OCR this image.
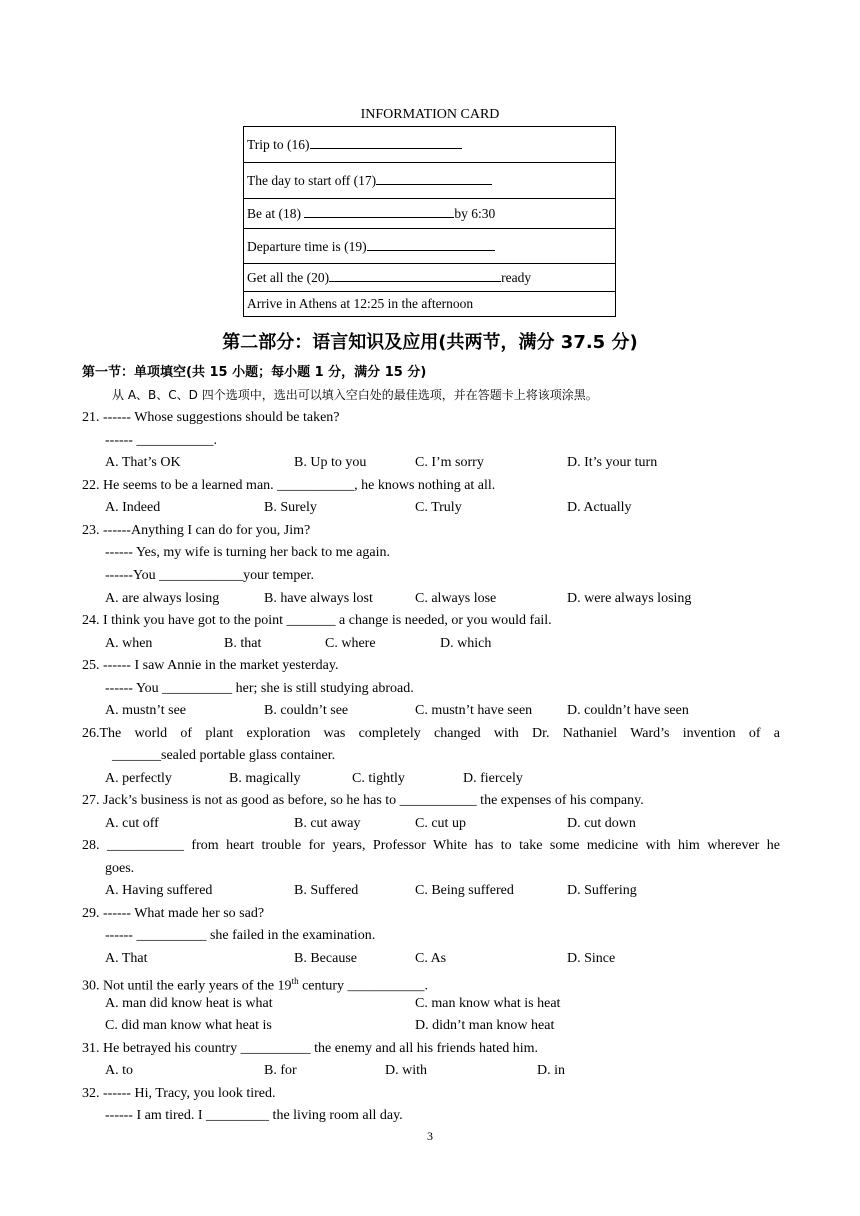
INFORMATION CARD
Trip to (16)
The day to start off (17)
Be at (18)	by 6:30
Departure time is (19)
Get all the (20)	ready
Arrive in Athens at 12:25 in the afternoon
第二部分：语言知识及应用(共两节，满分 37.5 分)
第一节：单项填空(共 15 小题；每小题 1 分，满分 15 分)
从 A、B、C、D 四个选项中，选出可以填入空白处的最佳选项，并在答题卡上将该项涂黑。
21. ------ Whose suggestions should be taken?
------ ___________.
A. That’s OK	B. Up to you	C. I’m sorry	D. It’s your turn
22. He seems to be a learned man. ___________, he knows nothing at all.
A. Indeed	B. Surely	C. Truly	D. Actually
23. ------Anything I can do for you, Jim?
------ Yes, my wife is turning her back to me again.
------You ____________your temper.
A. are always losing	B. have always lost	C. always lose	D. were always losing
24. I think you have got to the point _______ a change is needed, or you would fail.
A. when	B. that	C. where	D. which
25. ------ I saw Annie in the market yesterday.
------ You __________ her; she is still studying abroad.
A. mustn’t see	B. couldn’t see	C. mustn’t have seen D. couldn’t have seen
26.The world of plant exploration was completely changed with Dr. Nathaniel Ward’s invention of a
_______sealed portable glass container.
A. perfectly	B. magically	C. tightly	D. fiercely
27. Jack’s business is not as good as before, so he has to ___________ the expenses of his company.
A. cut off	B. cut away	C. cut up	D. cut down
28. ___________ from heart trouble for years, Professor White has to take some medicine with him wherever he
goes.
A. Having suffered	B. Suffered	C. Being suffered	D. Suffering
29. ------ What made her so sad?
------ __________ she failed in the examination.
A. That	B. Because	C. As	D. Since
30. Not until the early years of the 19th century ___________.
A. man did know heat is what	C. man know what is heat
C. did man know what heat is	D. didn’t man know heat
31. He betrayed his country __________ the enemy and all his friends hated him.
A. to	B. for	D. with	D. in
32. ------ Hi, Tracy, you look tired.
------ I am tired. I _________ the living room all day.
3
